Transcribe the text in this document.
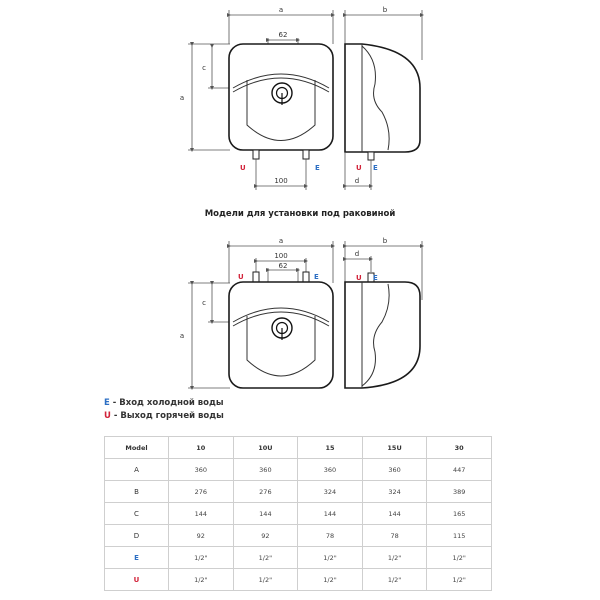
a
62
a
c
U	E
100
b
U E
d
a
100
62
U	E
a
c
b
d
U E
Модели для установки под раковиной
E - Вход холодной воды
U - Выход горячей воды
Model	10	10U	15	15U	30
A	360	360	360	360	447
B	276	276	324	324	389
C	144	144	144	144	165
D	92	92	78	78	115
E	1/2"	1/2"	1/2"	1/2"	1/2"
U	1/2"	1/2"	1/2"	1/2"	1/2"
